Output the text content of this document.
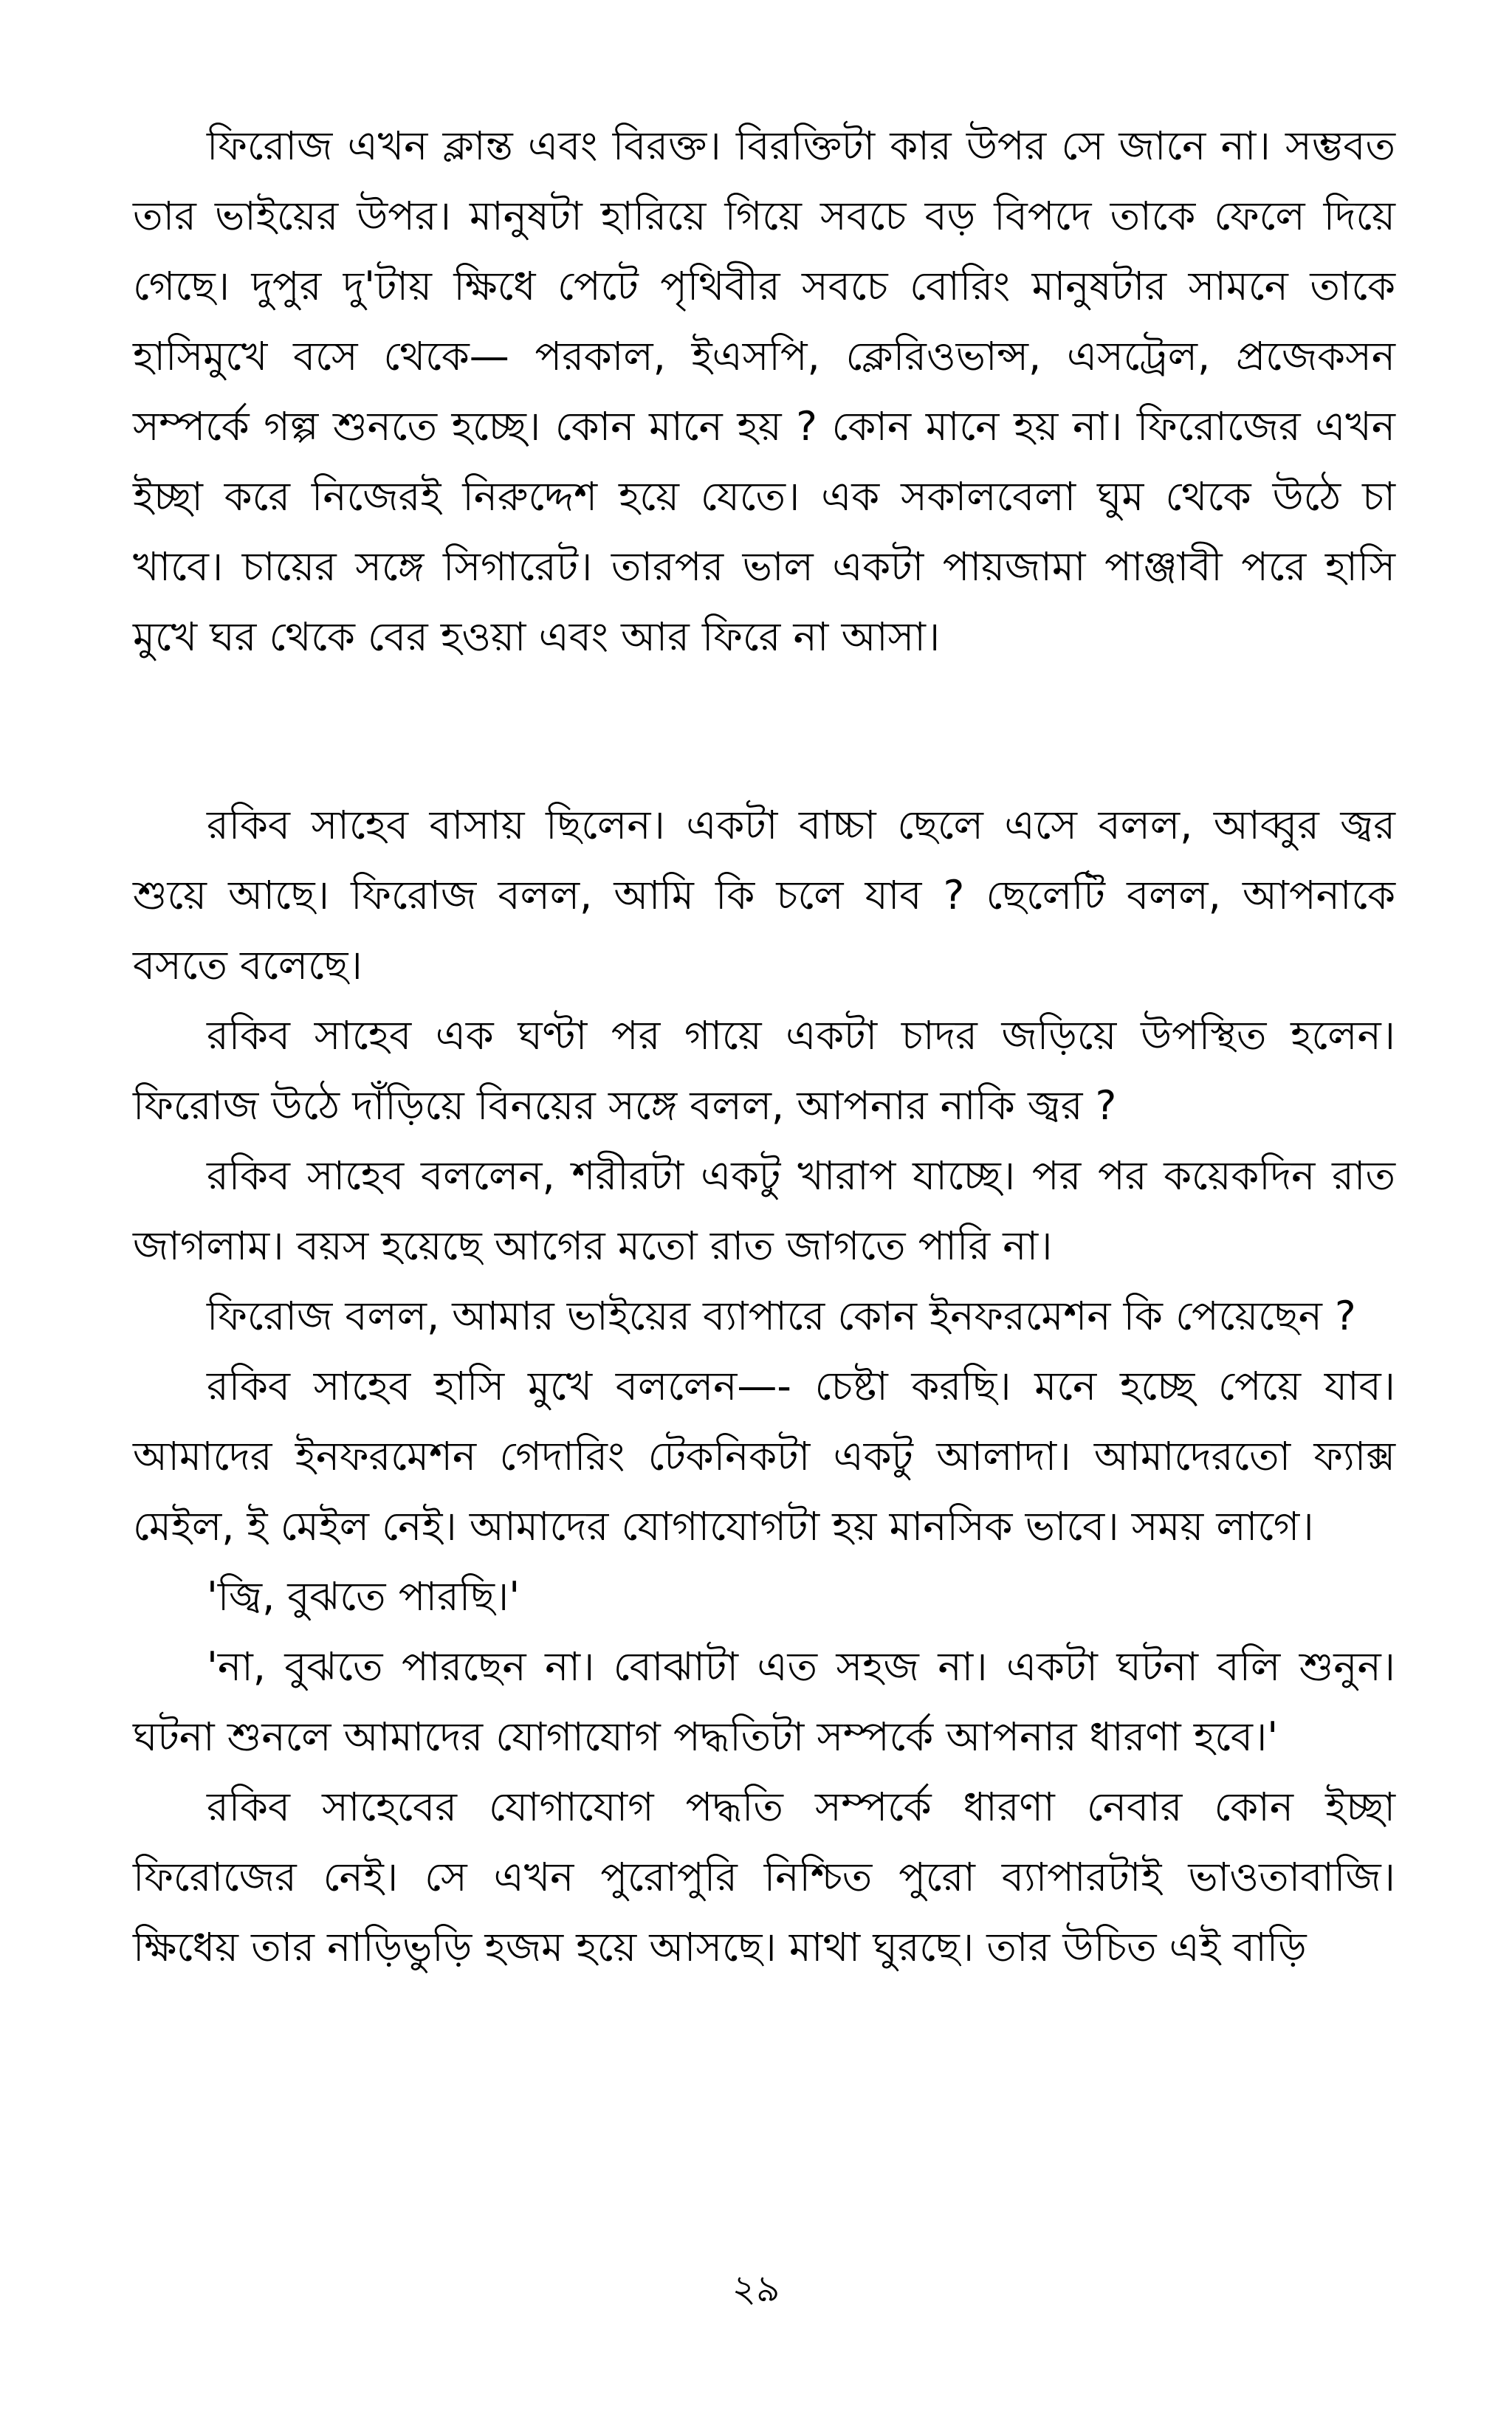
ফিরোজ এখন ক্লান্ত এবং বিরক্ত। বিরক্তিটা কার উপর সে জানে না। সম্ভবত তার ভাইয়ের উপর। মানুষটা হারিয়ে গিয়ে সবচে বড় বিপদে তাকে ফেলে দিয়ে গেছে। দুপুর দু'টায় ক্ষিধে পেটে পৃথিবীর সবচে বোরিং মানুষটার সামনে তাকে হাসিমুখে বসে থেকে— পরকাল, ইএসপি, ক্লেরিওভান্স, এসট্রেল, প্রজেকসন সম্পর্কে গল্প শুনতে হচ্ছে। কোন মানে হয় ? কোন মানে হয় না। ফিরোজের এখন ইচ্ছা করে নিজেরই নিরুদ্দেশ হয়ে যেতে। এক সকালবেলা ঘুম থেকে উঠে চা খাবে। চায়ের সঙ্গে সিগারেট। তারপর ভাল একটা পায়জামা পাঞ্জাবী পরে হাসি মুখে ঘর থেকে বের হওয়া এবং আর ফিরে না আসা।

রকিব সাহেব বাসায় ছিলেন। একটা বাচ্চা ছেলে এসে বলল, আব্বুর জ্বর শুয়ে আছে। ফিরোজ বলল, আমি কি চলে যাব ? ছেলেটি বলল, আপনাকে বসতে বলেছে।

রকিব সাহেব এক ঘণ্টা পর গায়ে একটা চাদর জড়িয়ে উপস্থিত হলেন। ফিরোজ উঠে দাঁড়িয়ে বিনয়ের সঙ্গে বলল, আপনার নাকি জ্বর ?

রকিব সাহেব বললেন, শরীরটা একটু খারাপ যাচ্ছে। পর পর কয়েকদিন রাত জাগলাম। বয়স হয়েছে আগের মতো রাত জাগতে পারি না।

ফিরোজ বলল, আমার ভাইয়ের ব্যাপারে কোন ইনফরমেশন কি পেয়েছেন ?

রকিব সাহেব হাসি মুখে বললেন—- চেষ্টা করছি। মনে হচ্ছে পেয়ে যাব। আমাদের ইনফরমেশন গেদারিং টেকনিকটা একটু আলাদা। আমাদেরতো ফ্যাক্স মেইল, ই মেইল নেই। আমাদের যোগাযোগটা হয় মানসিক ভাবে। সময় লাগে।

'জ্বি, বুঝতে পারছি।'

'না, বুঝতে পারছেন না। বোঝাটা এত সহজ না। একটা ঘটনা বলি শুনুন। ঘটনা শুনলে আমাদের যোগাযোগ পদ্ধতিটা সম্পর্কে আপনার ধারণা হবে।'

রকিব সাহেবের যোগাযোগ পদ্ধতি সম্পর্কে ধারণা নেবার কোন ইচ্ছা ফিরোজের নেই। সে এখন পুরোপুরি নিশ্চিত পুরো ব্যাপারটাই ভাওতাবাজি। ক্ষিধেয় তার নাড়িভুড়ি হজম হয়ে আসছে। মাথা ঘুরছে। তার উচিত এই বাড়ি

২৯
